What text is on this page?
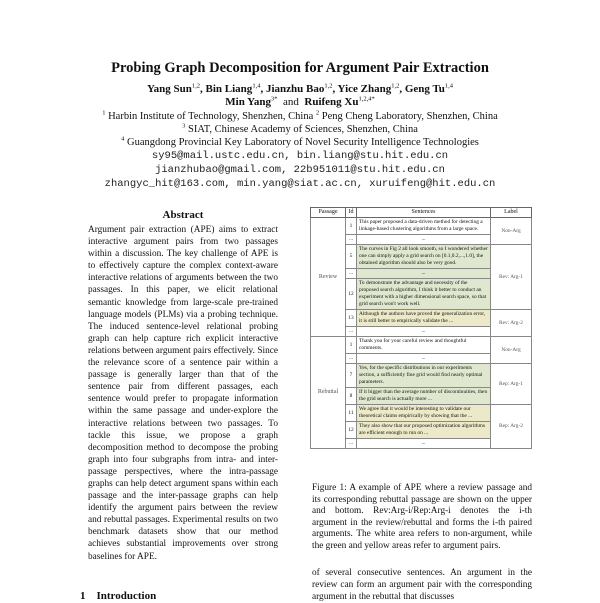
Probing Graph Decomposition for Argument Pair Extraction
Yang Sun$^{1,2}$, Bin Liang$^{1,4}$, Jianzhu Bao$^{1,2}$, Yice Zhang$^{1,2}$, Geng Tu$^{1,4}$
Min Yang$^{3*}$  and  Ruifeng $Xu^{1,2,4*}$
$^1$ Harbin Institute of Technology, Shenzhen, China $^2$ Peng Cheng Laboratory, Shenzhen, China
$^3$ SIAT, Chinese Academy of Sciences, Shenzhen, China
$^4$ Guangdong Provincial Key Laboratory of Novel Security Intelligence Technologies
sy95@mail.ustc.edu.cn, bin.liang@stu.hit.edu.cn
jianzhubao@gmail.com, 22b951011@stu.hit.edu.cn
zhangyc_hit@163.com, min.yang@siat.ac.cn, xuruifeng@hit.edu.cn
Abstract
Argument pair extraction (APE) aims to extract interactive argument pairs from two passages within a discussion. The key challenge of APE is to effectively capture the complex context-aware interactive relations of arguments between the two passages. In this paper, we elicit relational semantic knowledge from large-scale pre-trained language models (PLMs) via a probing technique. The induced sentence-level relational probing graph can help capture rich explicit interactive relations between argument pairs effectively. Since the relevance score of a sentence pair within a passage is generally larger than that of the sentence pair from different passages, each sentence would prefer to propagate information within the same passage and under-explore the interactive relations between two passages. To tackle this issue, we propose a graph decomposition method to decompose the probing graph into four subgraphs from intra- and inter-passage perspectives, where the intra-passage graphs can help detect argument spans within each passage and the inter-passage graphs can help identify the argument pairs between the review and rebuttal passages. Experimental results on two benchmark datasets show that our method achieves substantial improvements over strong baselines for APE.
1 Introduction
Passage	Id	Sentences	Label
Review	1	This paper proposed a data-driven method for detecting a linkage-based clustering algorithms from a large space.	Non-Arg
	...	...	
	5	The curves in Fig 2 all look smooth, so I wondered whether one can simply apply a grid search on [0.1,0.2,...,1.0], the obtained algorithm should also be very good.	Rev: Arg-1
	...	...	
	12	To demonstrate the advantage and necessity of the proposed search algorithm, I think it better to conduct an experiment with a higher dimensional search space, so that grid search won't work well.	
	13	Although the authors have proved the generalization error, it is still better to empirically validate the ...	Rev: Arg-2
	...	...	
Rebuttal	1	Thank you for your careful review and thoughtful comments.	Non-Arg
	...	...	
	7	Yes, for the specific distributions in our experiments section, a sufficiently fine grid would find nearly optimal parameters.	Rep: Arg-1
	8	If it bigger than the average number of discontinuities, then the grid search is actually more ...	
	11	We agree that it would be interesting to validate our theoretical claims empirically by showing that the ...	Rep: Arg-2
	12	They also show that our proposed optimization algorithms are efficient enough to run on ...	
	...	...	
Figure 1: A example of APE where a review passage and its corresponding rebuttal passage are shown on the upper and bottom. Rev:Arg-i/Rep:Arg-i denotes the i-th argument in the review/rebuttal and forms the i-th paired arguments. The white area refers to non-argument, while the green and yellow areas refer to argument pairs.
of several consecutive sentences. An argument in the review can form an argument pair with the corresponding argument in the rebuttal that discusses
